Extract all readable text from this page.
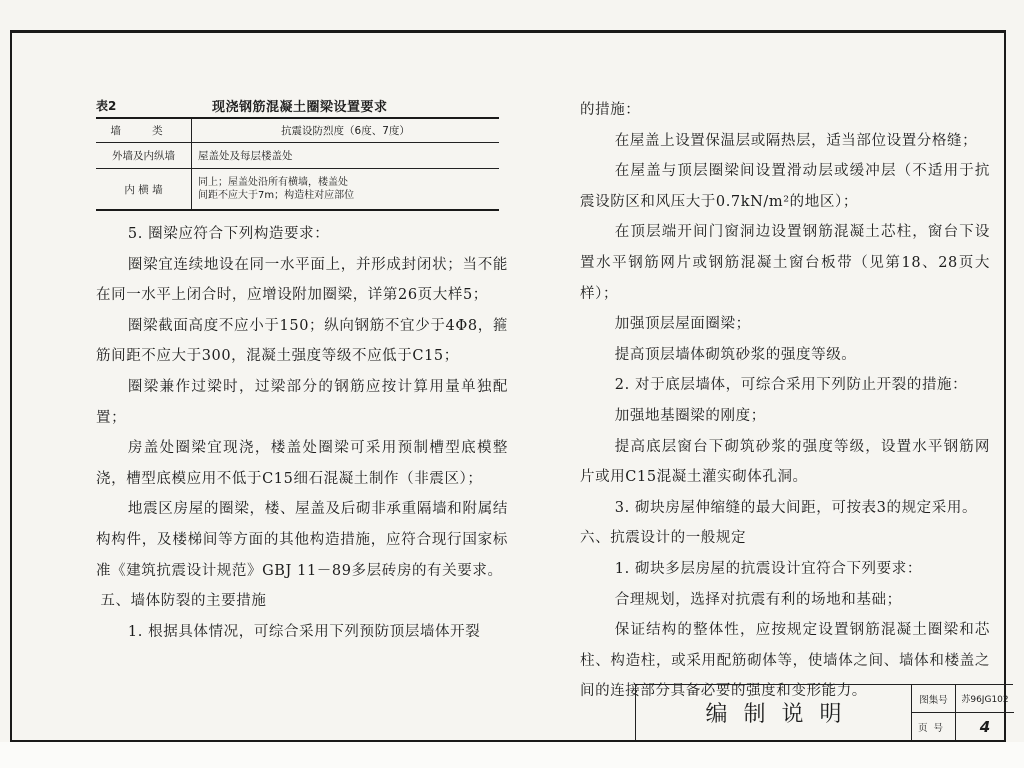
表2	现浇钢筋混凝土圈梁设置要求
墙 类	抗震设防烈度（6度、7度）
外墙及内纵墙	屋盖处及每层楼盖处
内 横 墙	同上；屋盖处沿所有横墙，楼盖处
间距不应大于7m；构造柱对应部位

5. 圈梁应符合下列构造要求：

圈梁宜连续地设在同一水平面上，并形成封闭状；当不能在同一水平上闭合时，应增设附加圈梁，详第26页大样5；

圈梁截面高度不应小于150；纵向钢筋不宜少于4Φ8，箍筋间距不应大于300，混凝土强度等级不应低于C15；

圈梁兼作过梁时，过梁部分的钢筋应按计算用量单独配置；

房盖处圈梁宜现浇，楼盖处圈梁可采用预制槽型底模整浇，槽型底模应用不低于C15细石混凝土制作（非震区）；

地震区房屋的圈梁，楼、屋盖及后砌非承重隔墙和附属结构构件，及楼梯间等方面的其他构造措施，应符合现行国家标准《建筑抗震设计规范》GBJ 11－89多层砖房的有关要求。

五、墙体防裂的主要措施

1. 根据具体情况，可综合采用下列预防顶层墙体开裂

的措施：

在屋盖上设置保温层或隔热层，适当部位设置分格缝；

在屋盖与顶层圈梁间设置滑动层或缓冲层（不适用于抗震设防区和风压大于0.7kN/m²的地区）；

在顶层端开间门窗洞边设置钢筋混凝土芯柱，窗台下设置水平钢筋网片或钢筋混凝土窗台板带（见第18、28页大样）；

加强顶层屋面圈梁；

提高顶层墙体砌筑砂浆的强度等级。

2. 对于底层墙体，可综合采用下列防止开裂的措施：

加强地基圈梁的刚度；

提高底层窗台下砌筑砂浆的强度等级，设置水平钢筋网片或用C15混凝土灌实砌体孔洞。

3. 砌块房屋伸缩缝的最大间距，可按表3的规定采用。

六、抗震设计的一般规定

1. 砌块多层房屋的抗震设计宜符合下列要求：

合理规划，选择对抗震有利的场地和基础；

保证结构的整体性，应按规定设置钢筋混凝土圈梁和芯柱、构造柱，或采用配筋砌体等，使墙体之间、墙体和楼盖之间的连接部分具备必要的强度和变形能力。

编制说明
图集号	苏96JG102
页号	4
